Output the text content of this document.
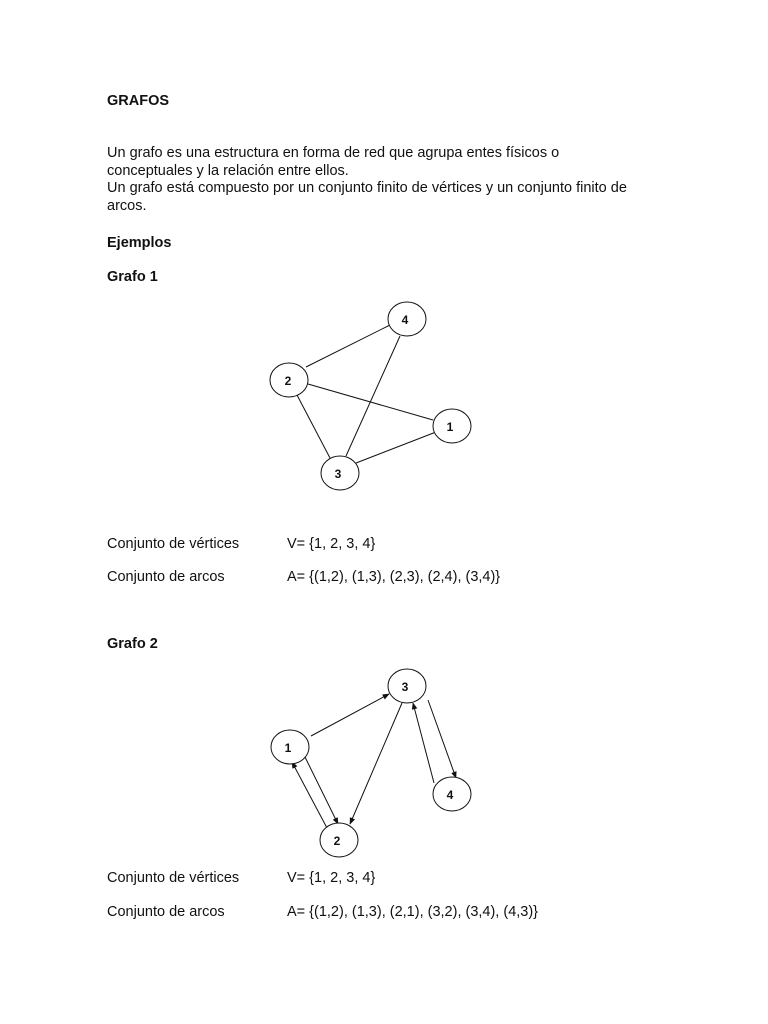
GRAFOS
Un grafo es una estructura en forma de red que agrupa entes físicos o
conceptuales y la relación entre ellos.
Un grafo está compuesto por un conjunto finito de vértices y un conjunto finito de
arcos.
Ejemplos
Grafo 1
4
2
1
3
Conjunto de vértices	V= {1, 2, 3, 4}
Conjunto de arcos	A= {(1,2), (1,3), (2,3), (2,4), (3,4)}
Grafo 2
3
1
4
2
Conjunto de vértices	V= {1, 2, 3, 4}
Conjunto de arcos	A= {(1,2), (1,3), (2,1), (3,2), (3,4), (4,3)}
